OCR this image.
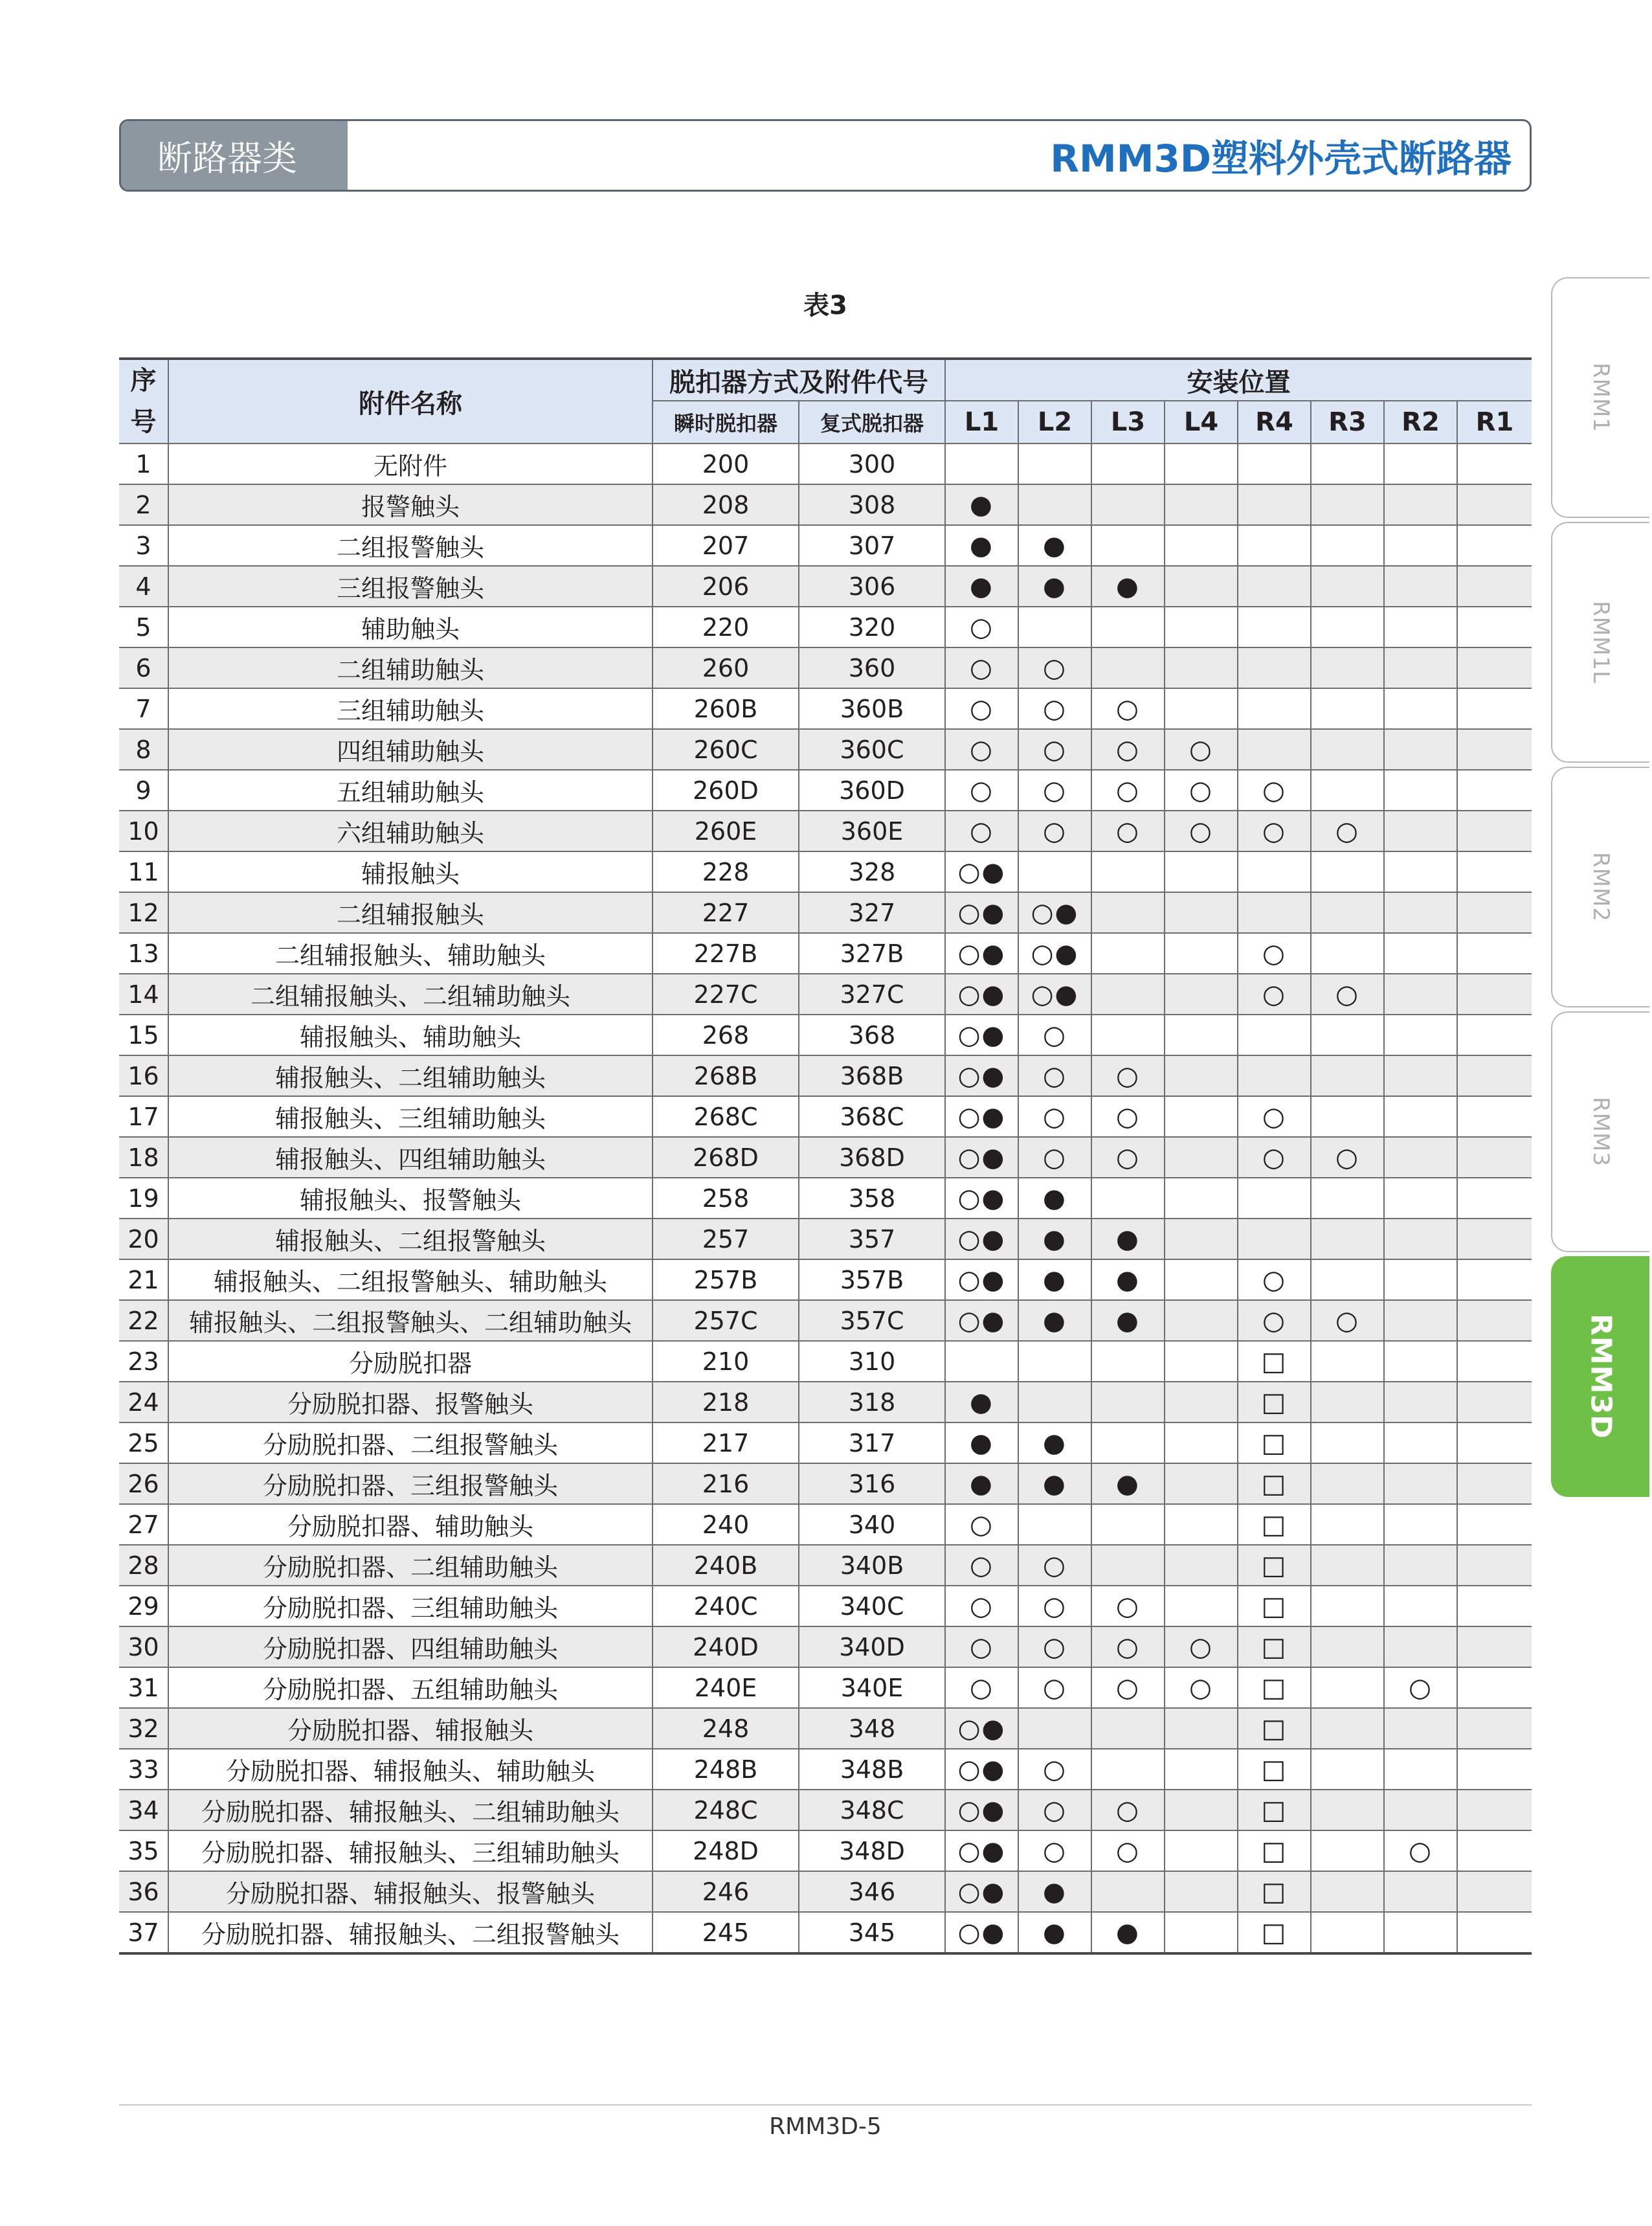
断路器类	RMM3D塑料外壳式断路器
表3
RMM1
RMM1L
RMM2
RMM3
RMM3D
序号	附件名称	脱扣器方式及附件代号		安装位置							
		瞬时脱扣器	复式脱扣器	L1	L2	L3	L4	R4	R3	R2	R1
1	无附件	200	300								
2	报警触头	208	308	●							
3	二组报警触头	207	307	●	●						
4	三组报警触头	206	306	●	●	●					
5	辅助触头	220	320	○							
6	二组辅助触头	260	360	○	○						
7	三组辅助触头	260B	360B	○	○	○					
8	四组辅助触头	260C	360C	○	○	○	○				
9	五组辅助触头	260D	360D	○	○	○	○	○			
10	六组辅助触头	260E	360E	○	○	○	○	○	○		
11	辅报触头	228	328	○●							
12	二组辅报触头	227	327	○●	○●						
13	二组辅报触头、辅助触头	227B	327B	○●	○●			○			
14	二组辅报触头、二组辅助触头	227C	327C	○●	○●			○	○		
15	辅报触头、辅助触头	268	368	○●	○						
16	辅报触头、二组辅助触头	268B	368B	○●	○	○					
17	辅报触头、三组辅助触头	268C	368C	○●	○	○		○			
18	辅报触头、四组辅助触头	268D	368D	○●	○	○		○	○		
19	辅报触头、报警触头	258	358	○●	●						
20	辅报触头、二组报警触头	257	357	○●	●	●					
21	辅报触头、二组报警触头、辅助触头	257B	357B	○●	●	●		○			
22	辅报触头、二组报警触头、二组辅助触头	257C	357C	○●	●	●		○	○		
23	分励脱扣器	210	310					□			
24	分励脱扣器、报警触头	218	318	●				□			
25	分励脱扣器、二组报警触头	217	317	●	●			□			
26	分励脱扣器、三组报警触头	216	316	●	●	●		□			
27	分励脱扣器、辅助触头	240	340	○				□			
28	分励脱扣器、二组辅助触头	240B	340B	○	○			□			
29	分励脱扣器、三组辅助触头	240C	340C	○	○	○		□			
30	分励脱扣器、四组辅助触头	240D	340D	○	○	○	○	□			
31	分励脱扣器、五组辅助触头	240E	340E	○	○	○	○	□		○	
32	分励脱扣器、辅报触头	248	348	○●				□			
33	分励脱扣器、辅报触头、辅助触头	248B	348B	○●	○			□			
34	分励脱扣器、辅报触头、二组辅助触头	248C	348C	○●	○	○		□			
35	分励脱扣器、辅报触头、三组辅助触头	248D	348D	○●	○	○		□		○	
36	分励脱扣器、辅报触头、报警触头	246	346	○●	●			□			
37	分励脱扣器、辅报触头、二组报警触头	245	345	○●	●	●		□			
RMM3D-5
